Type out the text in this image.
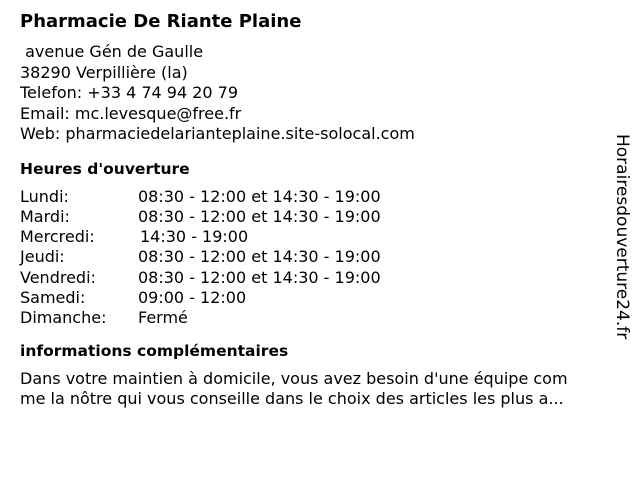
Pharmacie De Riante Plaine
avenue Gén de Gaulle
38290 Verpillière (la)
Telefon: +33 4 74 94 20 79
Email: mc.levesque@free.fr
Web: pharmaciedelarianteplaine.site-solocal.com
Heures d'ouverture
Lundi:	08:30 - 12:00 et 14:30 - 19:00
Mardi:	08:30 - 12:00 et 14:30 - 19:00
Mercredi:	14:30 - 19:00
Jeudi:	08:30 - 12:00 et 14:30 - 19:00
Vendredi:	08:30 - 12:00 et 14:30 - 19:00
Samedi:	09:00 - 12:00
Dimanche:	Fermé
informations complémentaires
Dans votre maintien à domicile, vous avez besoin d'une équipe com
me la nôtre qui vous conseille dans le choix des articles les plus a...
Horairesdouverture24.fr
